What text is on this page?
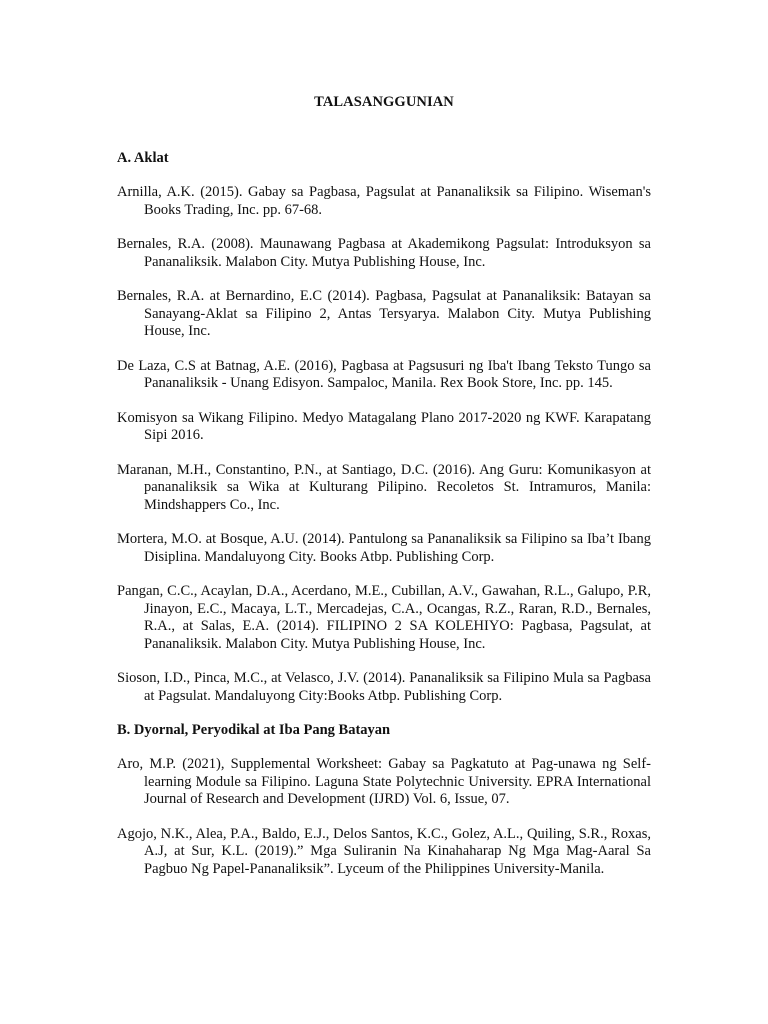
TALASANGGUNIAN
A. Aklat
Arnilla, A.K. (2015). Gabay sa Pagbasa, Pagsulat at Pananaliksik sa Filipino. Wiseman's Books Trading, Inc. pp. 67-68.
Bernales, R.A. (2008). Maunawang Pagbasa at Akademikong Pagsulat: Introduksyon sa Pananaliksik. Malabon City. Mutya Publishing House, Inc.
Bernales, R.A. at Bernardino, E.C (2014). Pagbasa, Pagsulat at Pananaliksik: Batayan sa Sanayang-Aklat sa Filipino 2, Antas Tersyarya. Malabon City. Mutya Publishing House, Inc.
De Laza, C.S at Batnag, A.E. (2016), Pagbasa at Pagsusuri ng Iba't Ibang Teksto Tungo sa Pananaliksik - Unang Edisyon. Sampaloc, Manila. Rex Book Store, Inc. pp. 145.
Komisyon sa Wikang Filipino. Medyo Matagalang Plano 2017-2020 ng KWF. Karapatang Sipi 2016.
Maranan, M.H., Constantino, P.N., at Santiago, D.C. (2016). Ang Guru: Komunikasyon at pananaliksik sa Wika at Kulturang Pilipino. Recoletos St. Intramuros, Manila: Mindshappers Co., Inc.
Mortera, M.O. at Bosque, A.U. (2014). Pantulong sa Pananaliksik sa Filipino sa Iba’t Ibang Disiplina. Mandaluyong City. Books Atbp. Publishing Corp.
Pangan, C.C., Acaylan, D.A., Acerdano, M.E., Cubillan, A.V., Gawahan, R.L., Galupo, P.R, Jinayon, E.C., Macaya, L.T., Mercadejas, C.A., Ocangas, R.Z., Raran, R.D., Bernales, R.A., at Salas, E.A. (2014). FILIPINO 2 SA KOLEHIYO: Pagbasa, Pagsulat, at Pananaliksik. Malabon City. Mutya Publishing House, Inc.
Sioson, I.D., Pinca, M.C., at Velasco, J.V. (2014). Pananaliksik sa Filipino Mula sa Pagbasa at Pagsulat. Mandaluyong City:Books Atbp. Publishing Corp.
B. Dyornal, Peryodikal at Iba Pang Batayan
Aro, M.P. (2021), Supplemental Worksheet: Gabay sa Pagkatuto at Pag-unawa ng Self-learning Module sa Filipino. Laguna State Polytechnic University. EPRA International Journal of Research and Development (IJRD) Vol. 6, Issue, 07.
Agojo, N.K., Alea, P.A., Baldo, E.J., Delos Santos, K.C., Golez, A.L., Quiling, S.R., Roxas, A.J, at Sur, K.L. (2019).” Mga Suliranin Na Kinahaharap Ng Mga Mag-Aaral Sa Pagbuo Ng Papel-Pananaliksik”. Lyceum of the Philippines University-Manila.
